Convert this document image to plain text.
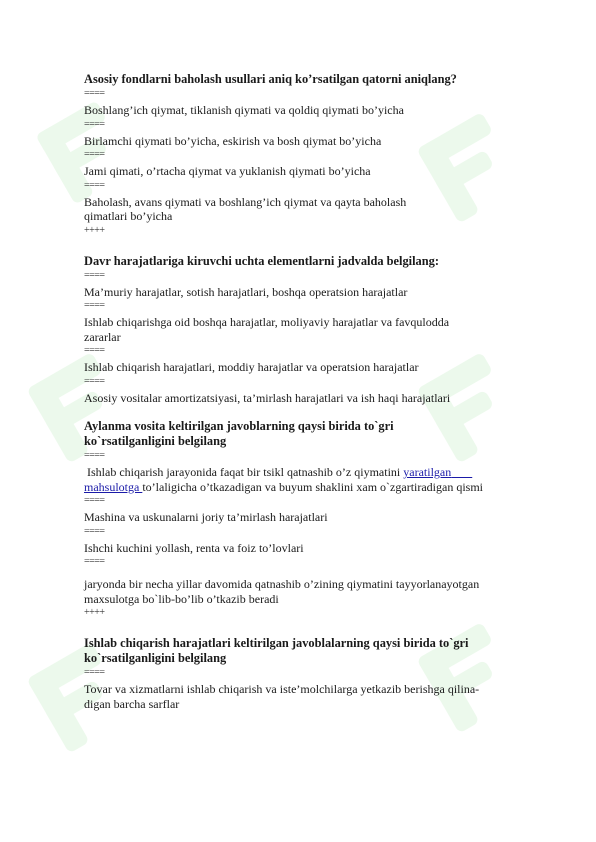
Asosiy fondlarni baholash usullari aniq ko’rsatilgan qatorni aniqlang?

====

Boshlang’ich qiymat, tiklanish qiymati va qoldiq qiymati bo’yicha

====

Birlamchi qiymati bo’yicha, eskirish va bosh qiymat bo’yicha

====

Jami qimati, o’rtacha qiymat va yuklanish qiymati bo’yicha

====

Baholash, avans qiymati va boshlang’ich qiymat va qayta baholash

qimatlari bo’yicha

++++

Davr harajatlariga kiruvchi uchta elementlarni jadvalda belgilang:

====

Ma’muriy harajatlar, sotish harajatlari, boshqa operatsion harajatlar

====

Ishlab chiqarishga oid boshqa harajatlar, moliyaviy harajatlar va favqulodda

zararlar

====

Ishlab chiqarish harajatlari, moddiy harajatlar va operatsion harajatlar

====

Asosiy vositalar amortizatsiyasi, ta’mirlash harajatlari va ish haqi harajatlari

Aylanma vosita keltirilgan javoblarning qaysi birida to`gri

ko`rsatilganligini belgilang

====

Ishlab chiqarish jarayonida faqat bir tsikl qatnashib o’z qiymatini yaratilgan

mahsulotga to’laligicha o’tkazadigan va buyum shaklini xam o`zgartiradigan qismi

====

Mashina va uskunalarni joriy ta’mirlash harajatlari

====

Ishchi kuchini yollash, renta va foiz to’lovlari

====

jaryonda bir necha yillar davomida qatnashib o’zining qiymatini tayyorlanayotgan

maxsulotga bo`lib-bo’lib o’tkazib beradi

++++

Ishlab chiqarish harajatlari keltirilgan javoblalarning qaysi birida to`gri

ko`rsatilganligini belgilang

====

Tovar va xizmatlarni ishlab chiqarish va iste’molchilarga yetkazib berishga qilina-

digan barcha sarflar
